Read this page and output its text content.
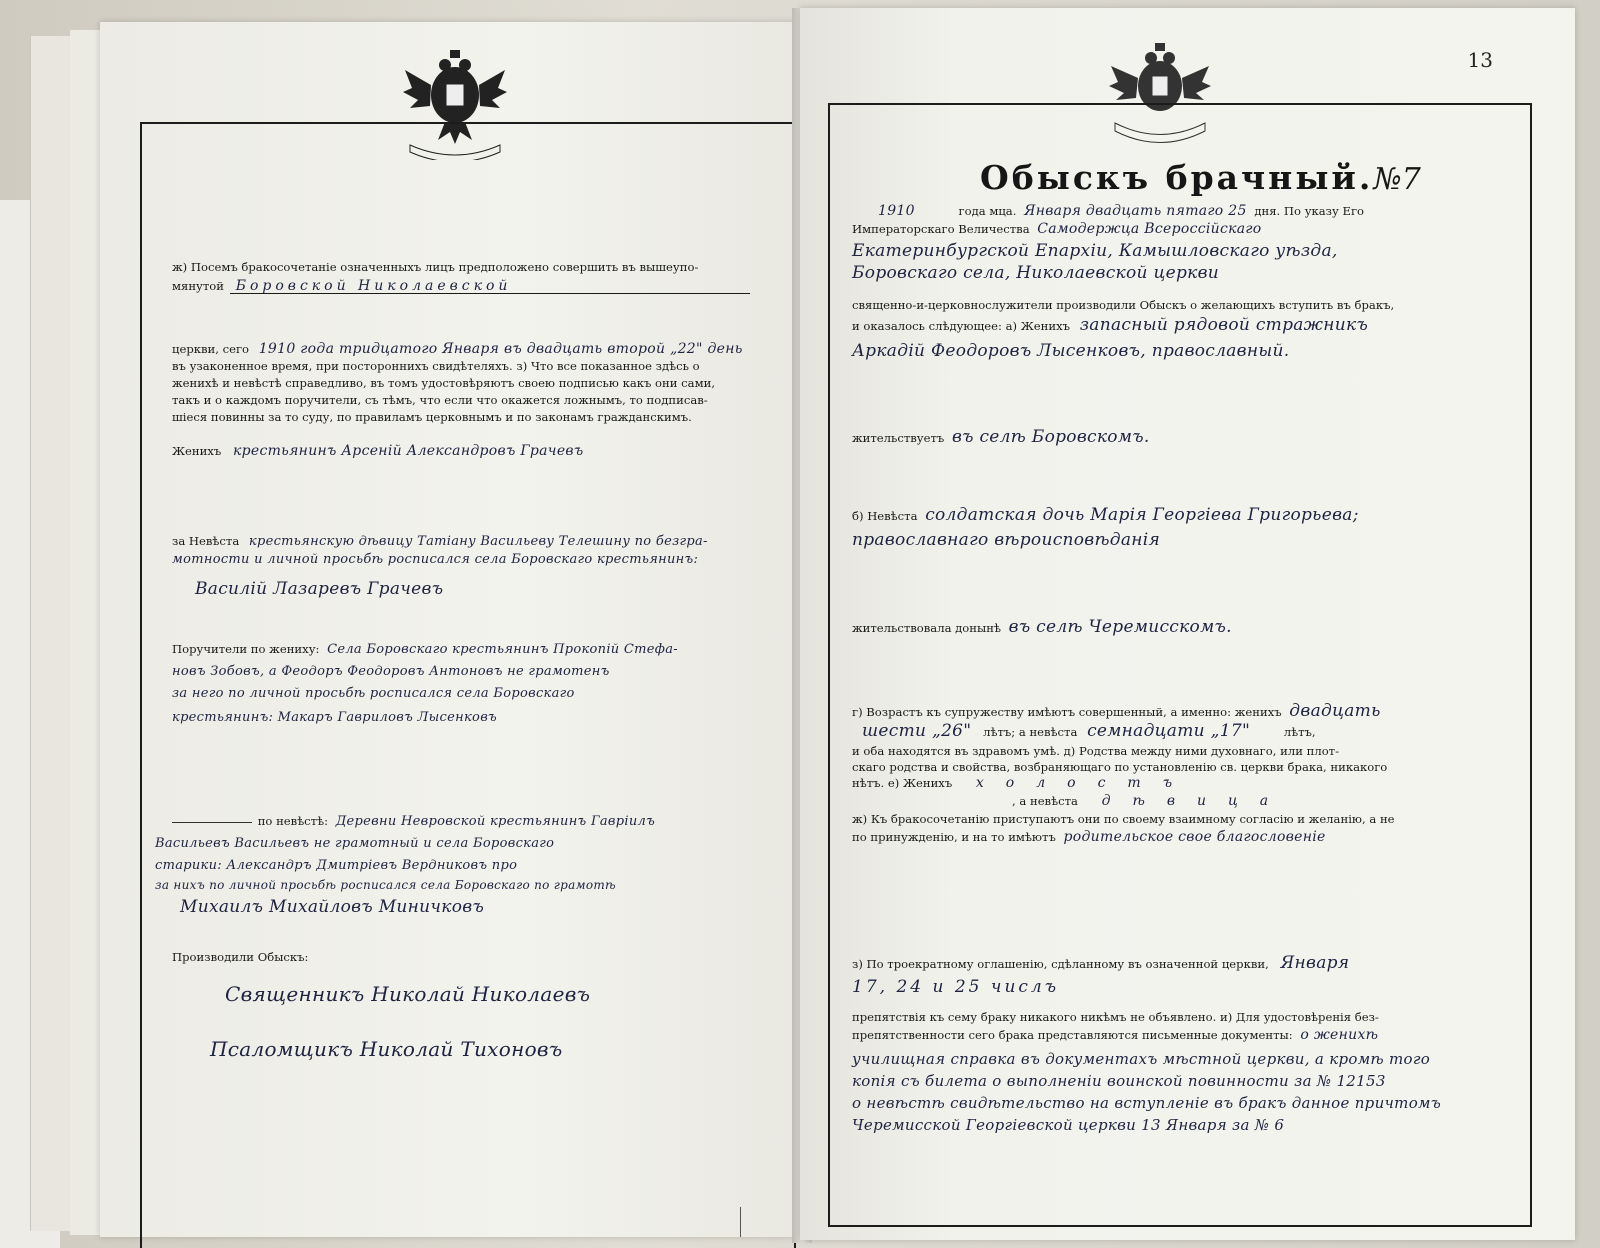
ж) Посемъ бракосочетаніе означенныхъ лицъ предположено совершить въ вышеупо-
мянутой Боровской Николаевской
церкви, сего 1910 года тридцатого Января въ двадцать второй „22" день
въ узаконенное время, при постороннихъ свидѣтеляхъ. з) Что все показанное здѣсь о
женихѣ и невѣстѣ справедливо, въ томъ удостовѣряютъ своею подписью какъ они сами,
такъ и о каждомъ поручители, съ тѣмъ, что если что окажется ложнымъ, то подписав-
шіеся повинны за то суду, по правиламъ церковнымъ и по законамъ гражданскимъ.
Женихъ крестьянинъ Арсеній Александровъ Грачевъ
за Невѣста крестьянскую дѣвицу Татіану Васильеву Телешину по безгра-
мотности и личной просьбѣ росписался села Боровскаго крестьянинъ:
Василій Лазаревъ Грачевъ
Поручители по жениху: Села Боровскаго крестьянинъ Прокопій Стефа-
новъ Зобовъ, а Феодоръ Феодоровъ Антоновъ не грамотенъ
за него по личной просьбѣ росписался села Боровскаго
крестьянинъ: Макаръ Гавриловъ Лысенковъ
по невѣстѣ: Деревни Невровской крестьянинъ Гавріилъ
Васильевъ Васильевъ не грамотный и села Боровскаго
старики: Александръ Дмитріевъ Вердниковъ про
за нихъ по личной просьбѣ росписался села Боровскаго по грамотѣ
Михаилъ Михайловъ Миничковъ
Производили Обыскъ:
Священникъ Николай Николаевъ
Псаломщикъ Николай Тихоновъ
13
Обыскъ брачный.№7
1910	года мца. Января двадцать пятаго 25 дня. По указу Его
Императорскаго Величества Самодержца Всероссійскаго
Екатеринбургской Епархіи, Камышловскаго уѣзда,
Боровскаго села, Николаевской церкви
священно-и-церковнослужители производили Обыскъ о желающихъ вступить въ бракъ,
и оказалось слѣдующее: а) Женихъ запасный рядовой стражникъ
Аркадій Феодоровъ Лысенковъ, православный.
жительствуетъ въ селѣ Боровскомъ.
б) Невѣста солдатская дочь Марія Георгіева Григорьева;
православнаго вѣроисповѣданія
жительствовала донынѣ въ селѣ Черемисскомъ.
г) Возрастъ къ супружеству имѣютъ совершенный, а именно: женихъ двадцать
шести „26" лѣтъ; а невѣста семнадцати „17"	лѣтъ,
и оба находятся въ здравомъ умѣ. д) Родства между ними духовнаго, или плот-
скаго родства и свойства, возбраняющаго по установленію св. церкви брака, никакого
нѣтъ. е) Женихъ холостъ
, а невѣста дѣвица
ж) Къ бракосочетанію приступаютъ они по своему взаимному согласію и желанію, а не
по принужденію, и на то имѣютъ родительское свое благословеніе
з) По троекратному оглашенію, сдѣланному въ означенной церкви, Января
17, 24 и 25 числъ
препятствія къ сему браку никакого никѣмъ не объявлено. и) Для удостовѣренія без-
препятственности сего брака представляются письменные документы: о женихѣ
училищная справка въ документахъ мѣстной церкви, а кромѣ того
копія съ билета о выполненіи воинской повинности за № 12153
о невѣстѣ свидѣтельство на вступленіе въ бракъ данное причтомъ
Черемисской Георгіевской церкви 13 Января за № 6
